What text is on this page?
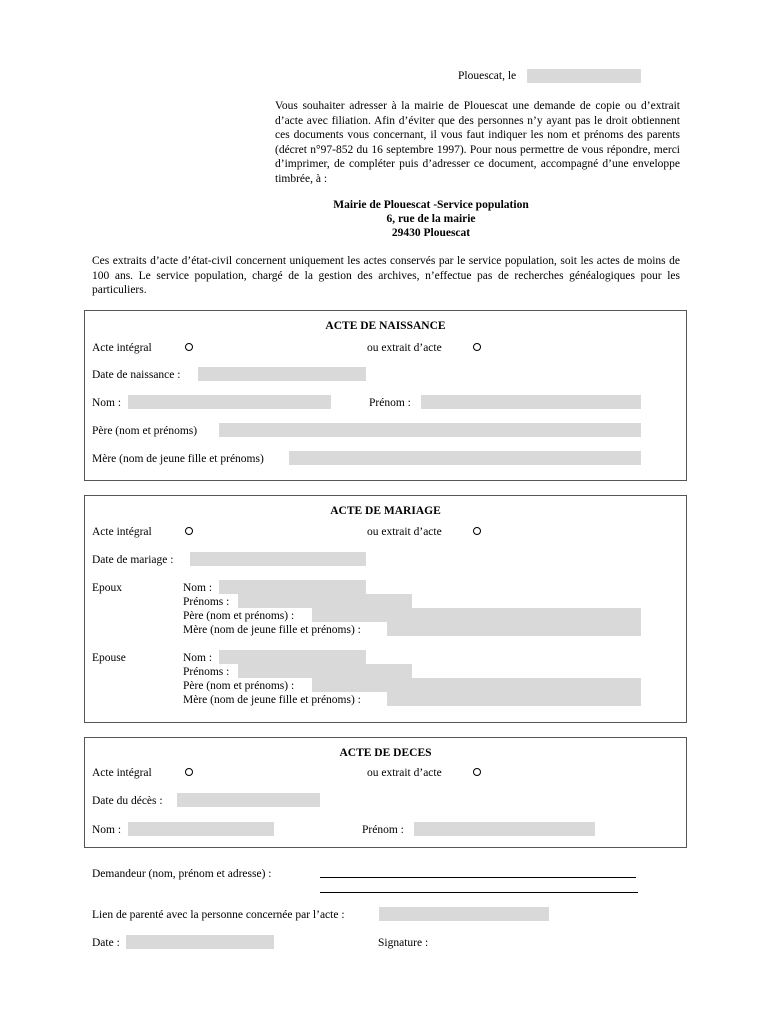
Plouescat, le
Vous souhaiter adresser à la mairie de Plouescat une demande de copie ou d’extrait d’acte avec filiation. Afin d’éviter que des personnes n’y ayant pas le droit obtiennent ces documents vous concernant, il vous faut indiquer les nom et prénoms des parents (décret n°97-852 du 16 septembre 1997). Pour nous permettre de vous répondre, merci d’imprimer, de compléter puis d’adresser ce document, accompagné d’une enveloppe timbrée, à :
Mairie de Plouescat -Service population
6, rue de la mairie
29430 Plouescat
Ces extraits d’acte d’état-civil concernent uniquement les actes conservés par le service population, soit les actes de moins de 100 ans. Le service population, chargé de la gestion des archives, n’effectue pas de recherches généalogiques pour les particuliers.
ACTE DE NAISSANCE
Acte intégral	ou extrait d’acte
Date de naissance :
Nom :	Prénom :
Père (nom et prénoms)
Mère (nom de jeune fille et prénoms)
ACTE DE MARIAGE
Acte intégral	ou extrait d’acte
Date de mariage :
Epoux	Nom :
Prénoms :
Père (nom et prénoms) :
Mère (nom de jeune fille et prénoms) :
Epouse	Nom :
Prénoms :
Père (nom et prénoms) :
Mère (nom de jeune fille et prénoms) :
ACTE DE DECES
Acte intégral	ou extrait d’acte
Date du décès :
Nom :	Prénom :
Demandeur (nom, prénom et adresse) :
Lien de parenté avec la personne concernée par l’acte :
Date :	Signature :
